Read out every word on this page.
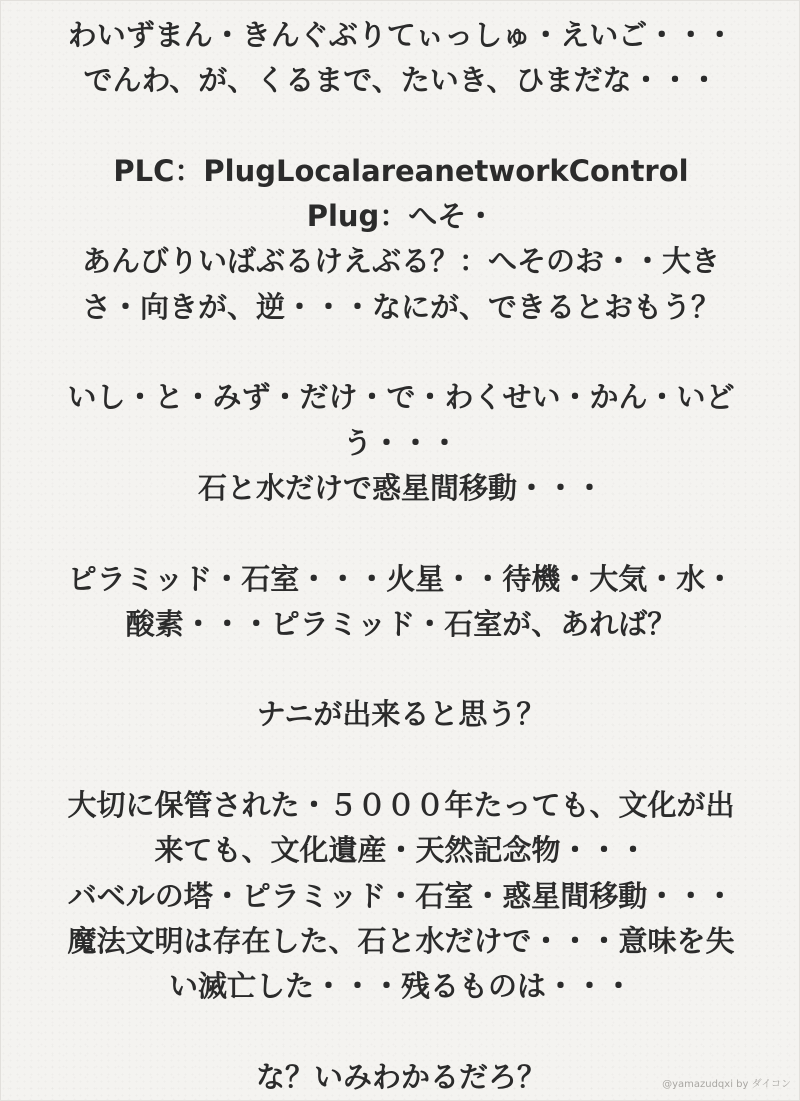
わいずまん・きんぐぶりてぃっしゅ・えいご・・・

でんわ、が、くるまで、たいき、ひまだな・・・

PLC：PlugLocalareanetworkControl

Plug：へそ・

あんびりいばぶるけえぶる？：へそのお・・大き

さ・向きが、逆・・・なにが、できるとおもう？

いし・と・みず・だけ・で・わくせい・かん・いど

う・・・

石と水だけで惑星間移動・・・

ピラミッド・石室・・・火星・・待機・大気・水・

酸素・・・ピラミッド・石室が、あれば？

ナニが出来ると思う？

大切に保管された・５０００年たっても、文化が出

来ても、文化遺産・天然記念物・・・

バベルの塔・ピラミッド・石室・惑星間移動・・・

魔法文明は存在した、石と水だけで・・・意味を失

い滅亡した・・・残るものは・・・

な？いみわかるだろ？	@yamazudqxi by ダイコン
